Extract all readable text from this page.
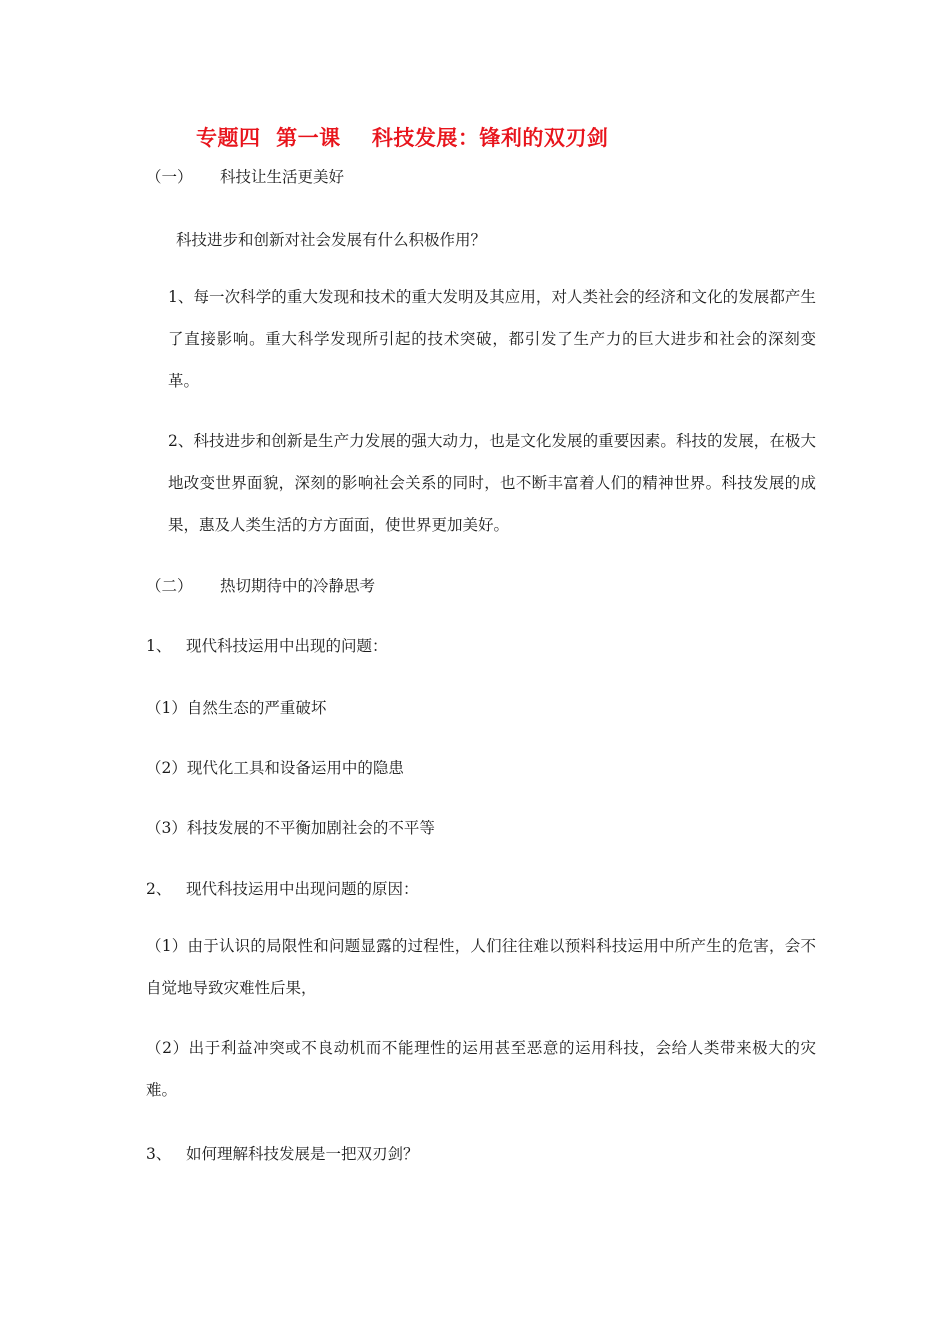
专题四  第一课    科技发展：锋利的双刃剑
（一） 科技让生活更美好
科技进步和创新对社会发展有什么积极作用？
1、每一次科学的重大发现和技术的重大发明及其应用，对人类社会的经济和文化的发展都产生了直接影响。重大科学发现所引起的技术突破，都引发了生产力的巨大进步和社会的深刻变革。
2、科技进步和创新是生产力发展的强大动力，也是文化发展的重要因素。科技的发展，在极大地改变世界面貌，深刻的影响社会关系的同时，也不断丰富着人们的精神世界。科技发展的成果，惠及人类生活的方方面面，使世界更加美好。
（二） 热切期待中的冷静思考
1、 现代科技运用中出现的问题：
（1）自然生态的严重破坏
（2）现代化工具和设备运用中的隐患
（3）科技发展的不平衡加剧社会的不平等
2、 现代科技运用中出现问题的原因：
（1）由于认识的局限性和问题显露的过程性，人们往往难以预料科技运用中所产生的危害，会不自觉地导致灾难性后果，
（2）出于利益冲突或不良动机而不能理性的运用甚至恶意的运用科技，会给人类带来极大的灾难。
3、 如何理解科技发展是一把双刃剑？
